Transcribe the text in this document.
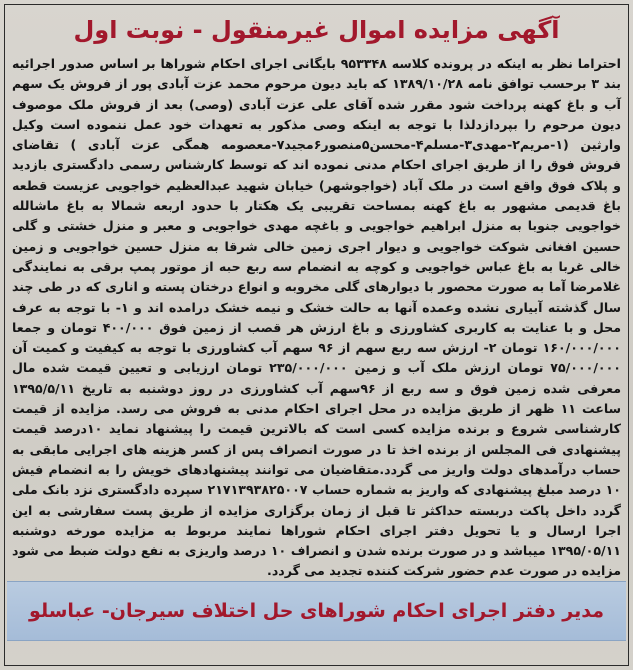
آگهی مزایده اموال غیرمنقول - نوبت اول
احتراما نظر به اینکه در پرونده کلاسه ۹۵۳۳۴۸ بایگانی اجرای احکام شوراها بر اساس صدور اجرائیه بند ۳ برحسب توافق نامه ۱۳۸۹/۱۰/۲۸ که باید دیون مرحوم محمد عزت آبادی پور از فروش یک سهم آب و باغ کهنه پرداخت شود مقرر شده آقای علی عزت آبادی (وصی) بعد از فروش ملک موصوف دیون مرحوم را بپردازدلذا با توجه به اینکه وصی مذکور به تعهدات خود عمل ننموده است وکیل وارثین (۱-مریم۲-مهدی۳-مسلم۴-محسن۵منصور۶مجید۷-معصومه همگی عزت آبادی ) تقاضای فروش فوق را از طریق اجرای احکام مدنی نموده اند که توسط کارشناس رسمی دادگستری بازدید و پلاک فوق واقع است در ملک آباد (خواجوشهر) خیابان شهید عبدالعظیم خواجویی عزیست قطعه باغ قدیمی مشهور به باغ کهنه بمساحت تقریبی یک هکتار با حدود اربعه شمالا به باغ ماشالله خواجویی جنوبا به منزل ابراهیم خواجویی و باغچه مهدی خواجویی و معبر و منزل خشتی و گلی حسین افغانی شوکت خواجویی و دیوار اجری زمین خالی شرقا به منزل حسین خواجویی و زمین خالی غربا به باغ عباس خواجویی و کوچه به انضمام سه ربع حبه از موتور پمپ برقی به نمایندگی غلامرضا آما به صورت محصور با دیوارهای گلی مخروبه و انواع درختان پسته و اناری که در طی چند سال گذشته آبیاری نشده وعمده آنها به حالت خشک و نیمه خشک درامده اند و ۱- با توجه به عرف محل و با عنایت به کاربری کشاورزی و باغ ارزش هر قصب از زمین فوق ۴۰۰/۰۰۰ تومان و جمعا ۱۶۰/۰۰۰/۰۰۰ تومان ۲- ارزش سه ربع سهم از ۹۶ سهم آب کشاورزی با توجه به کیفیت و کمیت آن ۷۵/۰۰۰/۰۰۰ تومان ارزش ملک آب و زمین ۲۳۵/۰۰۰/۰۰۰ تومان ارزیابی و تعیین قیمت شده مال معرفی شده زمین فوق و سه ربع از ۹۶سهم آب کشاورزی در روز دوشنبه به تاریخ ۱۳۹۵/۵/۱۱ ساعت ۱۱ ظهر از طریق مزایده در محل اجرای احکام مدنی به فروش می رسد. مزایده از قیمت کارشناسی شروع و برنده مزایده کسی است که بالاترین قیمت را پیشنهاد نماید ۱۰درصد قیمت پیشنهادی فی المجلس از برنده اخذ تا در صورت انصراف پس از کسر هزینه های اجرایی مابقی به حساب درآمدهای دولت واریز می گردد.متقاضیان می توانند پیشنهادهای خویش را به انضمام فیش ۱۰ درصد مبلغ پیشنهادی که واریز به شماره حساب ۲۱۷۱۳۹۳۸۲۵۰۰۷ سپرده دادگستری نزد بانک ملی گردد داخل پاکت دربسته حداکثر تا قبل از زمان برگزاری مزایده از طریق پست سفارشی به این اجرا ارسال و یا تحویل دفتر اجرای احکام شوراها نمایند مربوط به مزایده مورخه دوشنبه ۱۳۹۵/۰۵/۱۱ میباشد و در صورت برنده شدن و انصراف ۱۰ درصد واریزی به نفع دولت ضبط می شود مزایده در صورت عدم حضور شرکت کننده تجدید می گردد.
مدیر دفتر اجرای احکام شوراهای حل اختلاف سیرجان- عباسلو
